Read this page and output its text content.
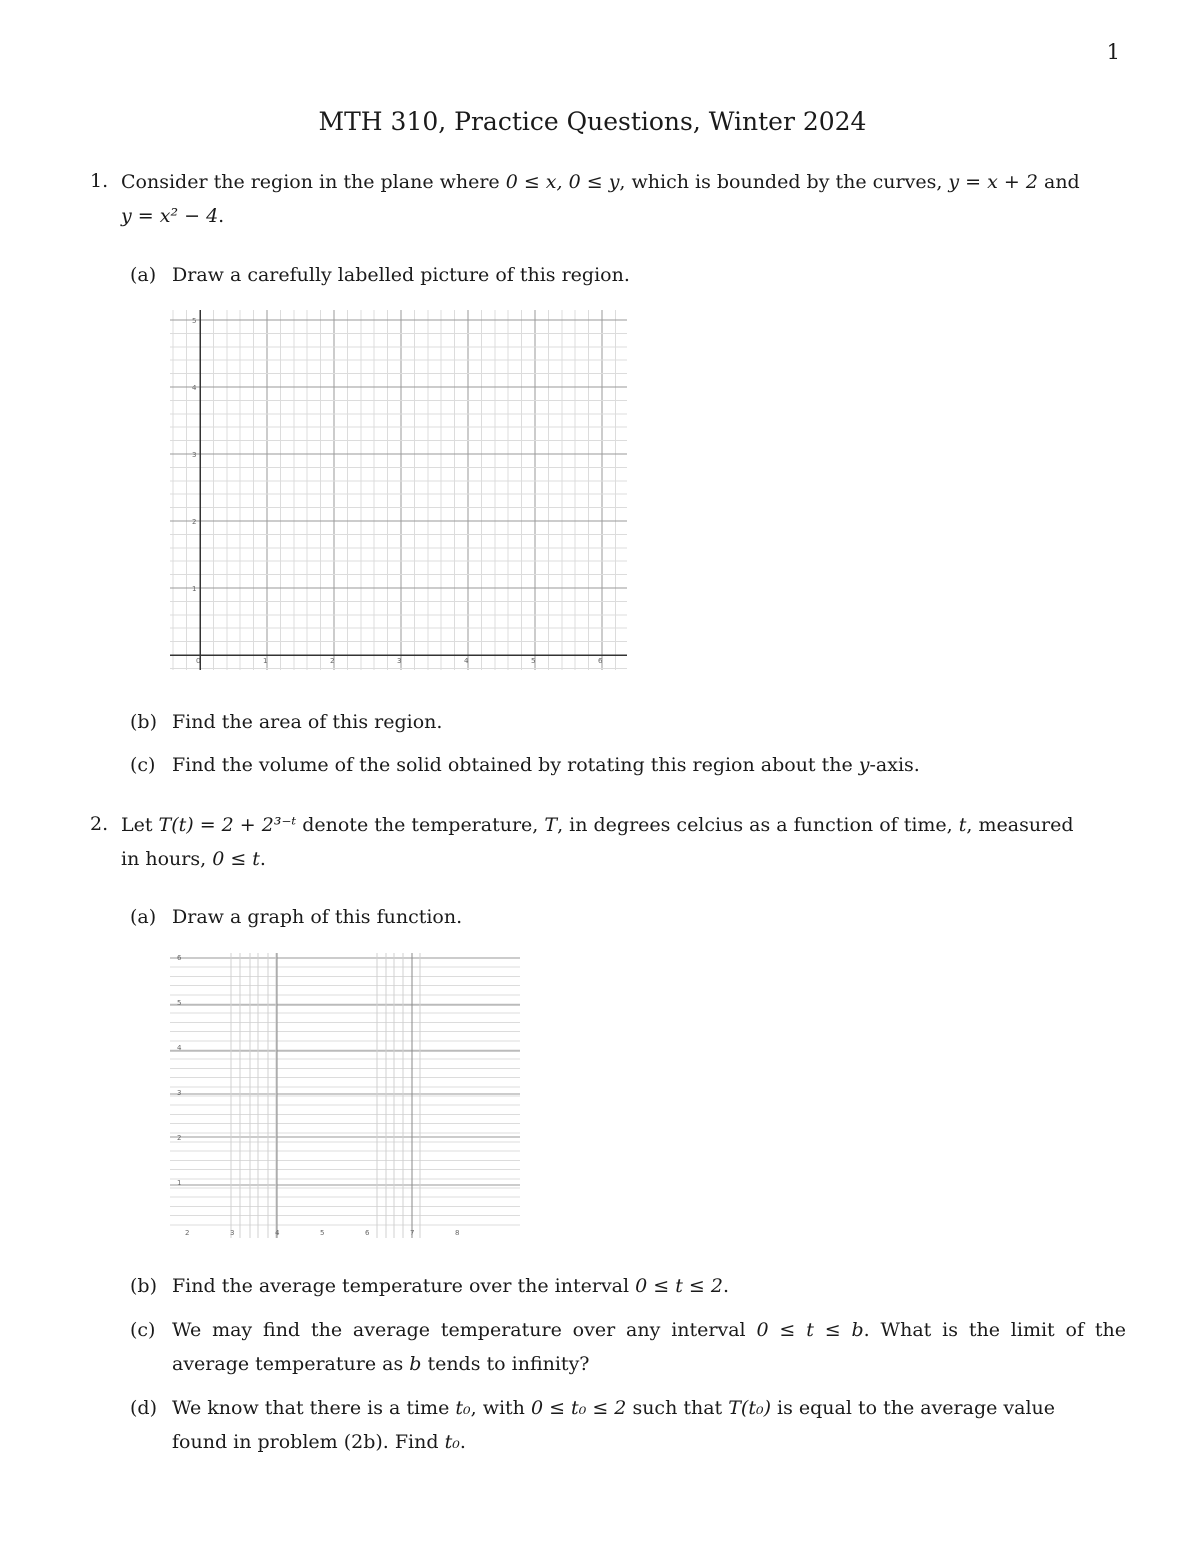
1
MTH 310, Practice Questions, Winter 2024
1. Consider the region in the plane where 0 ≤ x, 0 ≤ y, which is bounded by the curves, y = x + 2 and
y = x² − 4.
(a) Draw a carefully labelled picture of this region.
0	1	2	3	4	5	6
1
2
3
4
5
(b) Find the area of this region.
(c) Find the volume of the solid obtained by rotating this region about the y-axis.
2. Let T(t) = 2 + 2³⁻ᵗ denote the temperature, T, in degrees celcius as a function of time, t, measured
in hours, 0 ≤ t.
(a) Draw a graph of this function.
2	3	4	5	6	7	8
1
2
3
4
5
6
(b) Find the average temperature over the interval 0 ≤ t ≤ 2.
(c) We may find the average temperature over any interval 0 ≤ t ≤ b. What is the limit of the
average temperature as b tends to infinity?
(d) We know that there is a time t₀, with 0 ≤ t₀ ≤ 2 such that T(t₀) is equal to the average value
found in problem (2b). Find t₀.
